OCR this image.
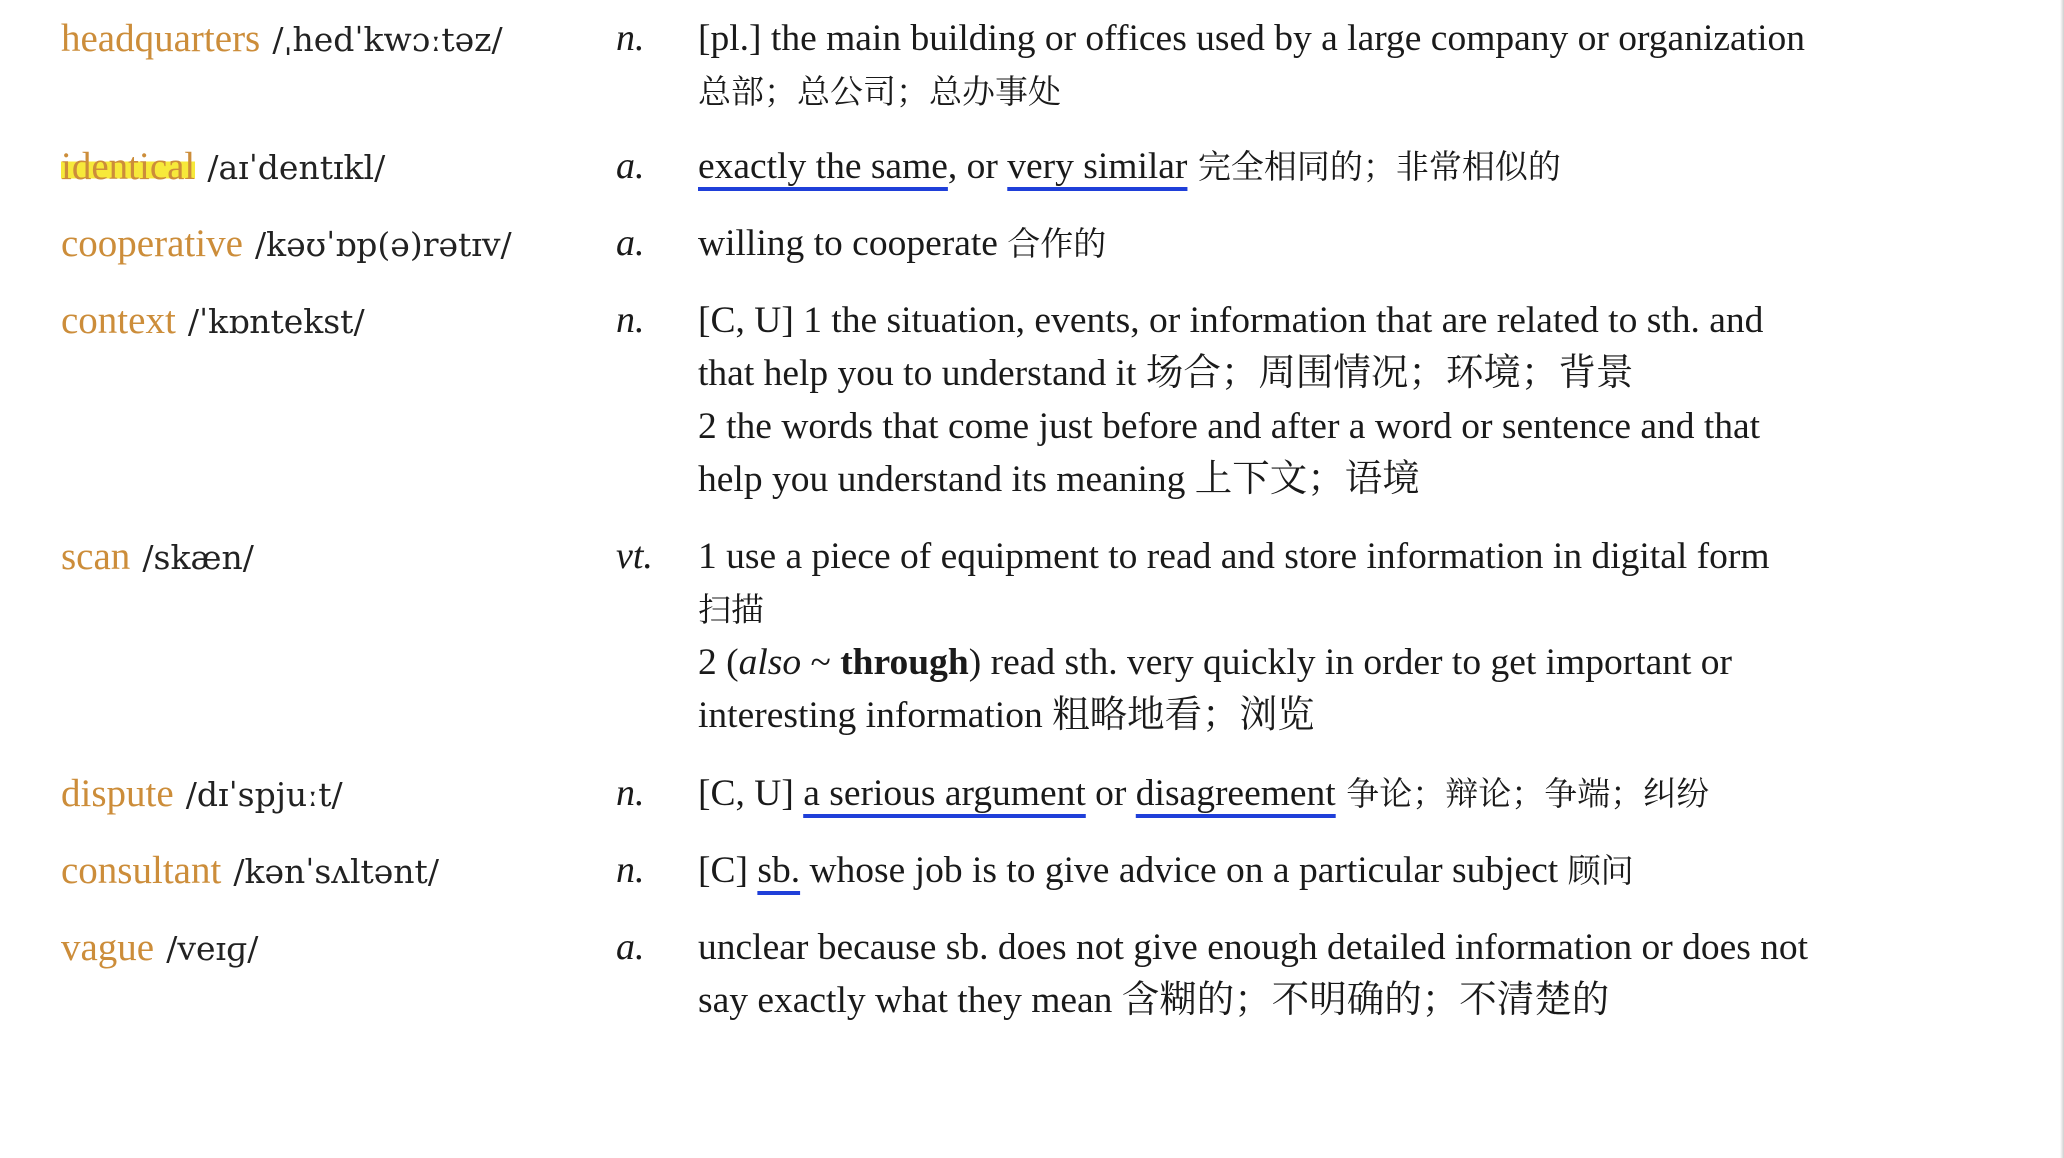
headquarters /ˌhedˈkwɔːtəz/	n. [pl.] the main building or offices used by a large company or organization
总部；总公司；总办事处
identical /aɪˈdentɪkl/	a. exactly the same, or very similar 完全相同的；非常相似的
cooperative /kəʊˈɒp(ə)rətɪv/	a. willing to cooperate 合作的
context /ˈkɒntekst/	n. [C, U] 1 the situation, events, or information that are related to sth. and
that help you to understand it 场合；周围情况；环境；背景
2 the words that come just before and after a word or sentence and that
help you understand its meaning 上下文；语境
scan /skæn/	vt. 1 use a piece of equipment to read and store information in digital form
扫描
2 (also ~ through) read sth. very quickly in order to get important or
interesting information 粗略地看；浏览
dispute /dɪˈspjuːt/	n. [C, U] a serious argument or disagreement 争论；辩论；争端；纠纷
consultant /kənˈsʌltənt/	n. [C] sb. whose job is to give advice on a particular subject 顾问
vague /veɪɡ/	a. unclear because sb. does not give enough detailed information or does not
say exactly what they mean 含糊的；不明确的；不清楚的
